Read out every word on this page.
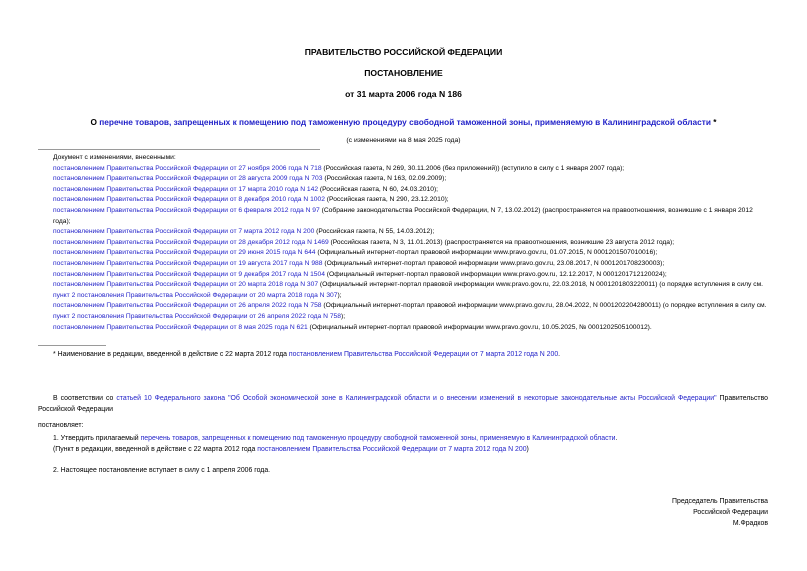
ПРАВИТЕЛЬСТВО РОССИЙСКОЙ ФЕДЕРАЦИИ
ПОСТАНОВЛЕНИЕ
от 31 марта 2006 года N 186
О перечне товаров, запрещенных к помещению под таможенную процедуру свободной таможенной зоны, применяемую в Калининградской области *
(с изменениями на 8 мая 2025 года)
Документ с изменениями, внесенными:
постановлением Правительства Российской Федерации от 27 ноября 2006 года N 718 (Российская газета, N 269, 30.11.2006 (без приложений)) (вступило в силу с 1 января 2007 года);
постановлением Правительства Российской Федерации от 28 августа 2009 года N 703 (Российская газета, N 163, 02.09.2009);
постановлением Правительства Российской Федерации от 17 марта 2010 года N 142 (Российская газета, N 60, 24.03.2010);
постановлением Правительства Российской Федерации от 8 декабря 2010 года N 1002 (Российская газета, N 290, 23.12.2010);
постановлением Правительства Российской Федерации от 6 февраля 2012 года N 97 (Собрание законодательства Российской Федерации, N 7, 13.02.2012) (распространяется на правоотношения, возникшие с 1 января 2012 года);
постановлением Правительства Российской Федерации от 7 марта 2012 года N 200 (Российская газета, N 55, 14.03.2012);
постановлением Правительства Российской Федерации от 28 декабря 2012 года N 1469 (Российская газета, N 3, 11.01.2013) (распространяется на правоотношения, возникшие 23 августа 2012 года);
постановлением Правительства Российской Федерации от 29 июня 2015 года N 644 (Официальный интернет-портал правовой информации www.pravo.gov.ru, 01.07.2015, N 0001201507010016);
постановлением Правительства Российской Федерации от 19 августа 2017 года N 988 (Официальный интернет-портал правовой информации www.pravo.gov.ru, 23.08.2017, N 0001201708230003);
постановлением Правительства Российской Федерации от 9 декабря 2017 года N 1504 (Официальный интернет-портал правовой информации www.pravo.gov.ru, 12.12.2017, N 0001201712120024);
постановлением Правительства Российской Федерации от 20 марта 2018 года N 307 (Официальный интернет-портал правовой информации www.pravo.gov.ru, 22.03.2018, N 0001201803220011) (о порядке вступления в силу см. пункт 2 постановления Правительства Российской Федерации от 20 марта 2018 года N 307);
постановлением Правительства Российской Федерации от 26 апреля 2022 года N 758 (Официальный интернет-портал правовой информации www.pravo.gov.ru, 28.04.2022, N 0001202204280011) (о порядке вступления в силу см. пункт 2 постановления Правительства Российской Федерации от 26 апреля 2022 года N 758);
постановлением Правительства Российской Федерации от 8 мая 2025 года N 621 (Официальный интернет-портал правовой информации www.pravo.gov.ru, 10.05.2025, № 0001202505100012).
* Наименование в редакции, введенной в действие с 22 марта 2012 года постановлением Правительства Российской Федерации от 7 марта 2012 года N 200.
В соответствии со статьей 10 Федерального закона "Об Особой экономической зоне в Калининградской области и о внесении изменений в некоторые законодательные акты Российской Федерации" Правительство Российской Федерации
постановляет:
1. Утвердить прилагаемый перечень товаров, запрещенных к помещению под таможенную процедуру свободной таможенной зоны, применяемую в Калининградской области.
(Пункт в редакции, введенной в действие с 22 марта 2012 года постановлением Правительства Российской Федерации от 7 марта 2012 года N 200)
2. Настоящее постановление вступает в силу с 1 апреля 2006 года.
Председатель Правительства
Российской Федерации
М.Фрадков
